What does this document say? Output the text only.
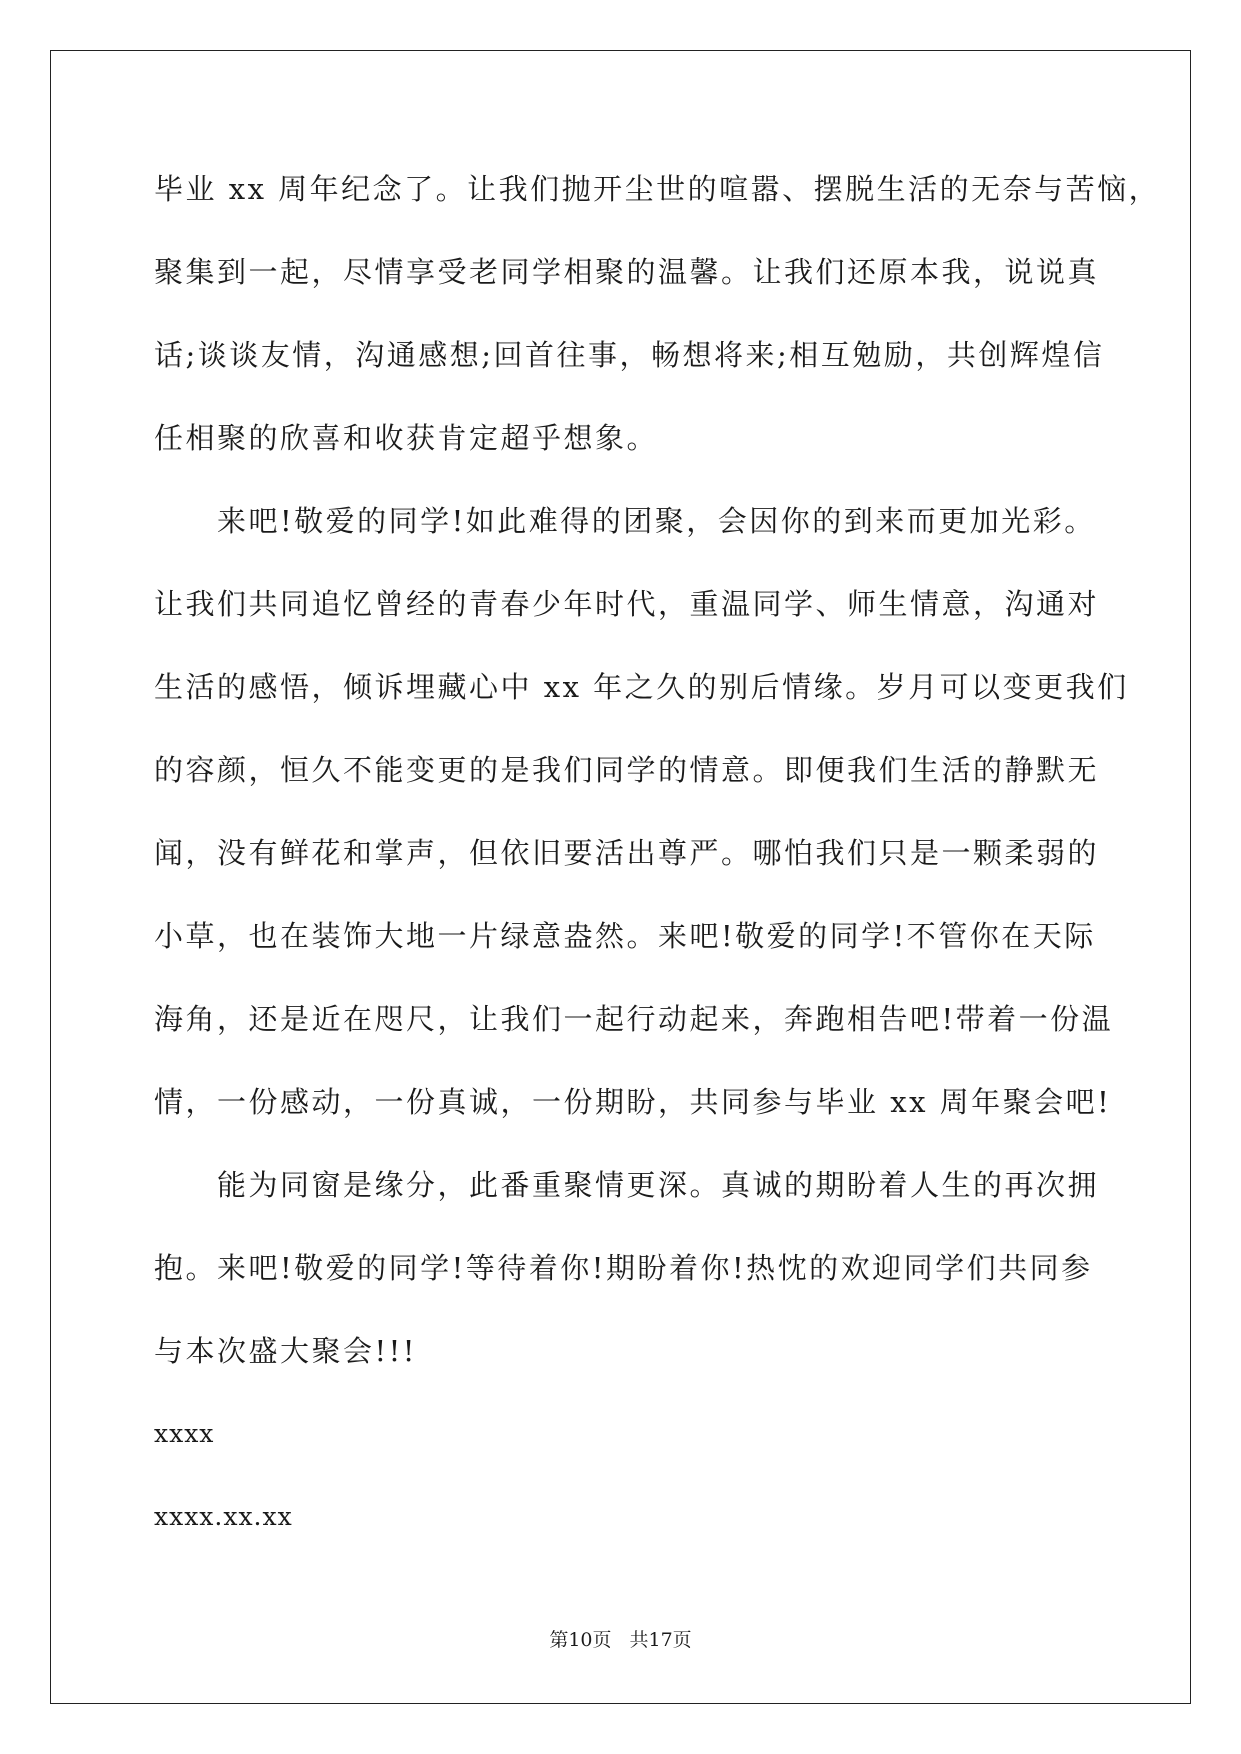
毕业 xx 周年纪念了。让我们抛开尘世的喧嚣、摆脱生活的无奈与苦恼，
聚集到一起，尽情享受老同学相聚的温馨。让我们还原本我，说说真
话;谈谈友情，沟通感想;回首往事，畅想将来;相互勉励，共创辉煌信
任相聚的欣喜和收获肯定超乎想象。
来吧!敬爱的同学!如此难得的团聚，会因你的到来而更加光彩。
让我们共同追忆曾经的青春少年时代，重温同学、师生情意，沟通对
生活的感悟，倾诉埋藏心中 xx 年之久的别后情缘。岁月可以变更我们
的容颜，恒久不能变更的是我们同学的情意。即便我们生活的静默无
闻，没有鲜花和掌声，但依旧要活出尊严。哪怕我们只是一颗柔弱的
小草，也在装饰大地一片绿意盎然。来吧!敬爱的同学!不管你在天际
海角，还是近在咫尺，让我们一起行动起来，奔跑相告吧!带着一份温
情，一份感动，一份真诚，一份期盼，共同参与毕业 xx 周年聚会吧!
能为同窗是缘分，此番重聚情更深。真诚的期盼着人生的再次拥
抱。来吧!敬爱的同学!等待着你!期盼着你!热忱的欢迎同学们共同参
与本次盛大聚会!!!
xxxx
xxxx.xx.xx
第10页 共17页
